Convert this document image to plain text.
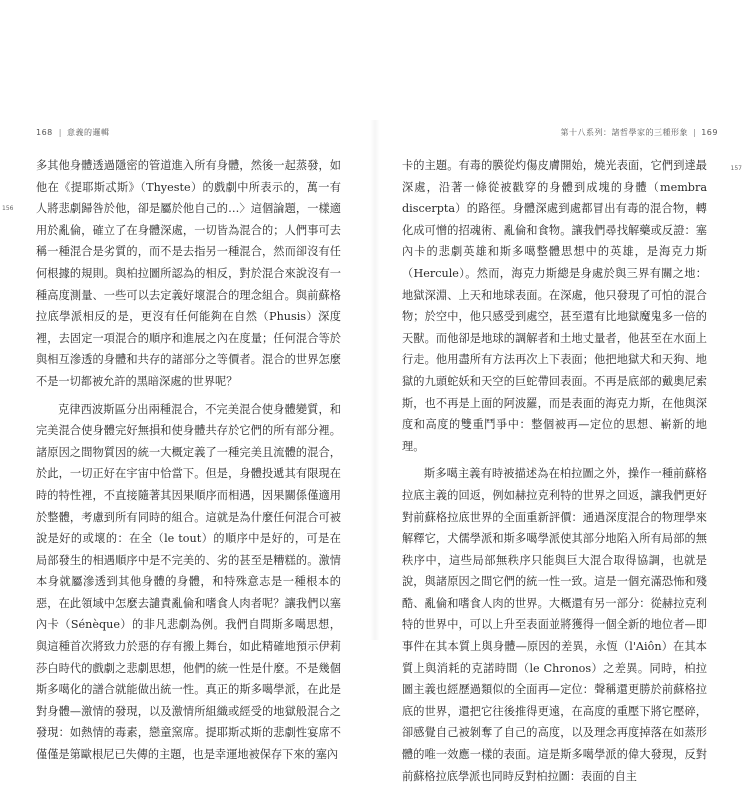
168 | 意義的邏輯
156

多其他身體透過隱密的管道進入所有身體，然後一起蒸發，如他在《提耶斯忒斯》（Thyeste）的戲劇中所表示的，萬一有人將悲劇歸咎於他，卻是屬於他自己的…〉這個論題，一樣適用於亂倫，確立了在身體深處，一切皆為混合的；人們事可去稱一種混合是劣質的，而不是去指另一種混合，然而卻沒有任何根據的規則。與柏拉圖所認為的相反，對於混合來說沒有一種高度測量、一些可以去定義好壞混合的理念組合。與前蘇格拉底學派相反的是，更沒有任何能夠在自然（Phusis）深度裡，去固定一項混合的順序和進展之內在度量；任何混合等於與相互滲透的身體和共存的諸部分之等價者。混合的世界怎麼不是一切都被允許的黑暗深處的世界呢？

克律西波斯區分出兩種混合，不完美混合使身體變質，和完美混合使身體完好無損和使身體共存於它們的所有部分裡。諸原因之間物質因的統一大概定義了一種完美且流體的混合，於此，一切正好在宇宙中恰當下。但是，身體投遞其有限現在時的特性裡，不直接隨著其因果順序而相遇，因果關係僅適用於整體，考慮到所有同時的組合。這就是為什麼任何混合可被說是好的或壞的：在全（le tout）的順序中是好的，可是在局部發生的相遇順序中是不完美的、劣的甚至是糟糕的。激情本身就屬滲透到其他身體的身體，和特殊意志是一種根本的惡，在此領域中怎麼去譴責亂倫和嗜食人肉者呢？讓我們以塞內卡（Sénèque）的非凡悲劇為例。我們自問斯多噶思想，與這種首次將致力於惡的存有搬上舞台，如此精確地預示伊莉莎白時代的戲劇之悲劇思想，他們的統一性是什麼。不是幾個斯多噶化的譜合就能做出統一性。真正的斯多噶學派，在此是對身體—激情的發現，以及激情所組織或經受的地獄般混合之發現：如熱情的毒素，戀童窯席。提耶斯忒斯的悲劇性宴席不僅僅是第歐根尼已失傳的主題，也是幸運地被保存下來的塞內

第十八系列：諸哲學家的三種形象 | 169
157

卡的主題。有毒的膜從灼傷皮膚開始，燒光表面，它們到達最深處，沿著一條從被戳穿的身體到成塊的身體（membra discerpta）的路徑。身體深處到處都冒出有毒的混合物，轉化成可憎的招魂術、亂倫和食物。讓我們尋找解藥或反證：塞內卡的悲劇英雄和斯多噶整體思想中的英雄，是海克力斯（Hercule）。然而，海克力斯總是身處於與三界有關之地：地獄深淵、上天和地球表面。在深處，他只發現了可怕的混合物；於空中，他只感受到處空，甚至還有比地獄魔鬼多一倍的天獸。而他卻是地球的調解者和土地丈量者，他甚至在水面上行走。他用盡所有方法再次上下表面；他把地獄犬和天狗、地獄的九頭蛇妖和天空的巨蛇帶回表面。不再是底部的戴奧尼索斯，也不再是上面的阿波羅，而是表面的海克力斯，在他與深度和高度的雙重鬥爭中：整個被再—定位的思想、嶄新的地理。

斯多噶主義有時被描述為在柏拉圖之外，操作一種前蘇格拉底主義的回返，例如赫拉克利特的世界之回返，讓我們更好對前蘇格拉底世界的全面重新評價：通過深度混合的物理學來解釋它，犬儒學派和斯多噶學派使其部分地陷入所有局部的無秩序中，這些局部無秩序只能與巨大混合取得協調，也就是說，與諸原因之間它們的統一性一致。這是一個充滿恐怖和殘酷、亂倫和嗜食人肉的世界。大概還有另一部分：從赫拉克利特的世界中，可以上升至表面並將獲得一個全新的地位者—即事件在其本質上與身體—原因的差異，永恆（l'Aiôn）在其本質上與消耗的克諾時間（le Chronos）之差異。同時，柏拉圖主義也經歷過類似的全面再—定位：聲稱還更勝於前蘇格拉底的世界，還把它往後推得更遠，在高度的重壓下將它壓碎，卻感覺自己被剝奪了自己的高度，以及理念再度掉落在如蒸形體的唯一效應一樣的表面。這是斯多噶學派的偉大發現，反對前蘇格拉底學派也同時反對柏拉圖：表面的自主
